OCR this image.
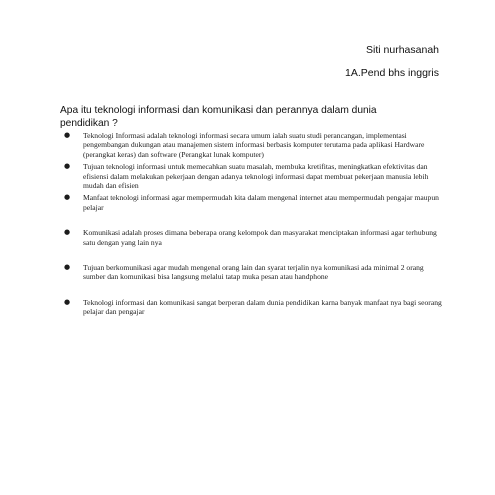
Siti nurhasanah
1A.Pend bhs inggris
Apa itu teknologi informasi dan komunikasi dan perannya dalam dunia pendidikan ?
● Teknologi Informasi adalah teknologi informasi secara umum ialah suatu studi perancangan, implementasi pengembangan dukungan atau manajemen sistem informasi berbasis komputer terutama pada aplikasi Hardware (perangkat keras) dan software (Perangkat lunak komputer)
● Tujuan teknologi informasi untuk memecahkan suatu masalah, membuka kretifitas, meningkatkan efektivitas dan efisiensi dalam melakukan pekerjaan dengan adanya teknologi informasi dapat membuat pekerjaan manusia lebih mudah dan efisien
● Manfaat teknologi informasi agar mempermudah kita dalam mengenal internet atau mempermudah pengajar maupun pelajar
● Komunikasi adalah proses dimana beberapa orang kelompok dan masyarakat menciptakan informasi agar terhubung satu dengan yang lain nya
● Tujuan berkomunikasi agar mudah mengenal orang lain dan syarat terjalin nya komunikasi ada minimal 2 orang sumber dan komunikasi bisa langsung melalui tatap muka pesan atau handphone
● Teknologi informasi dan komunikasi sangat berperan dalam dunia pendidikan karna banyak manfaat nya bagi seorang pelajar dan pengajar
